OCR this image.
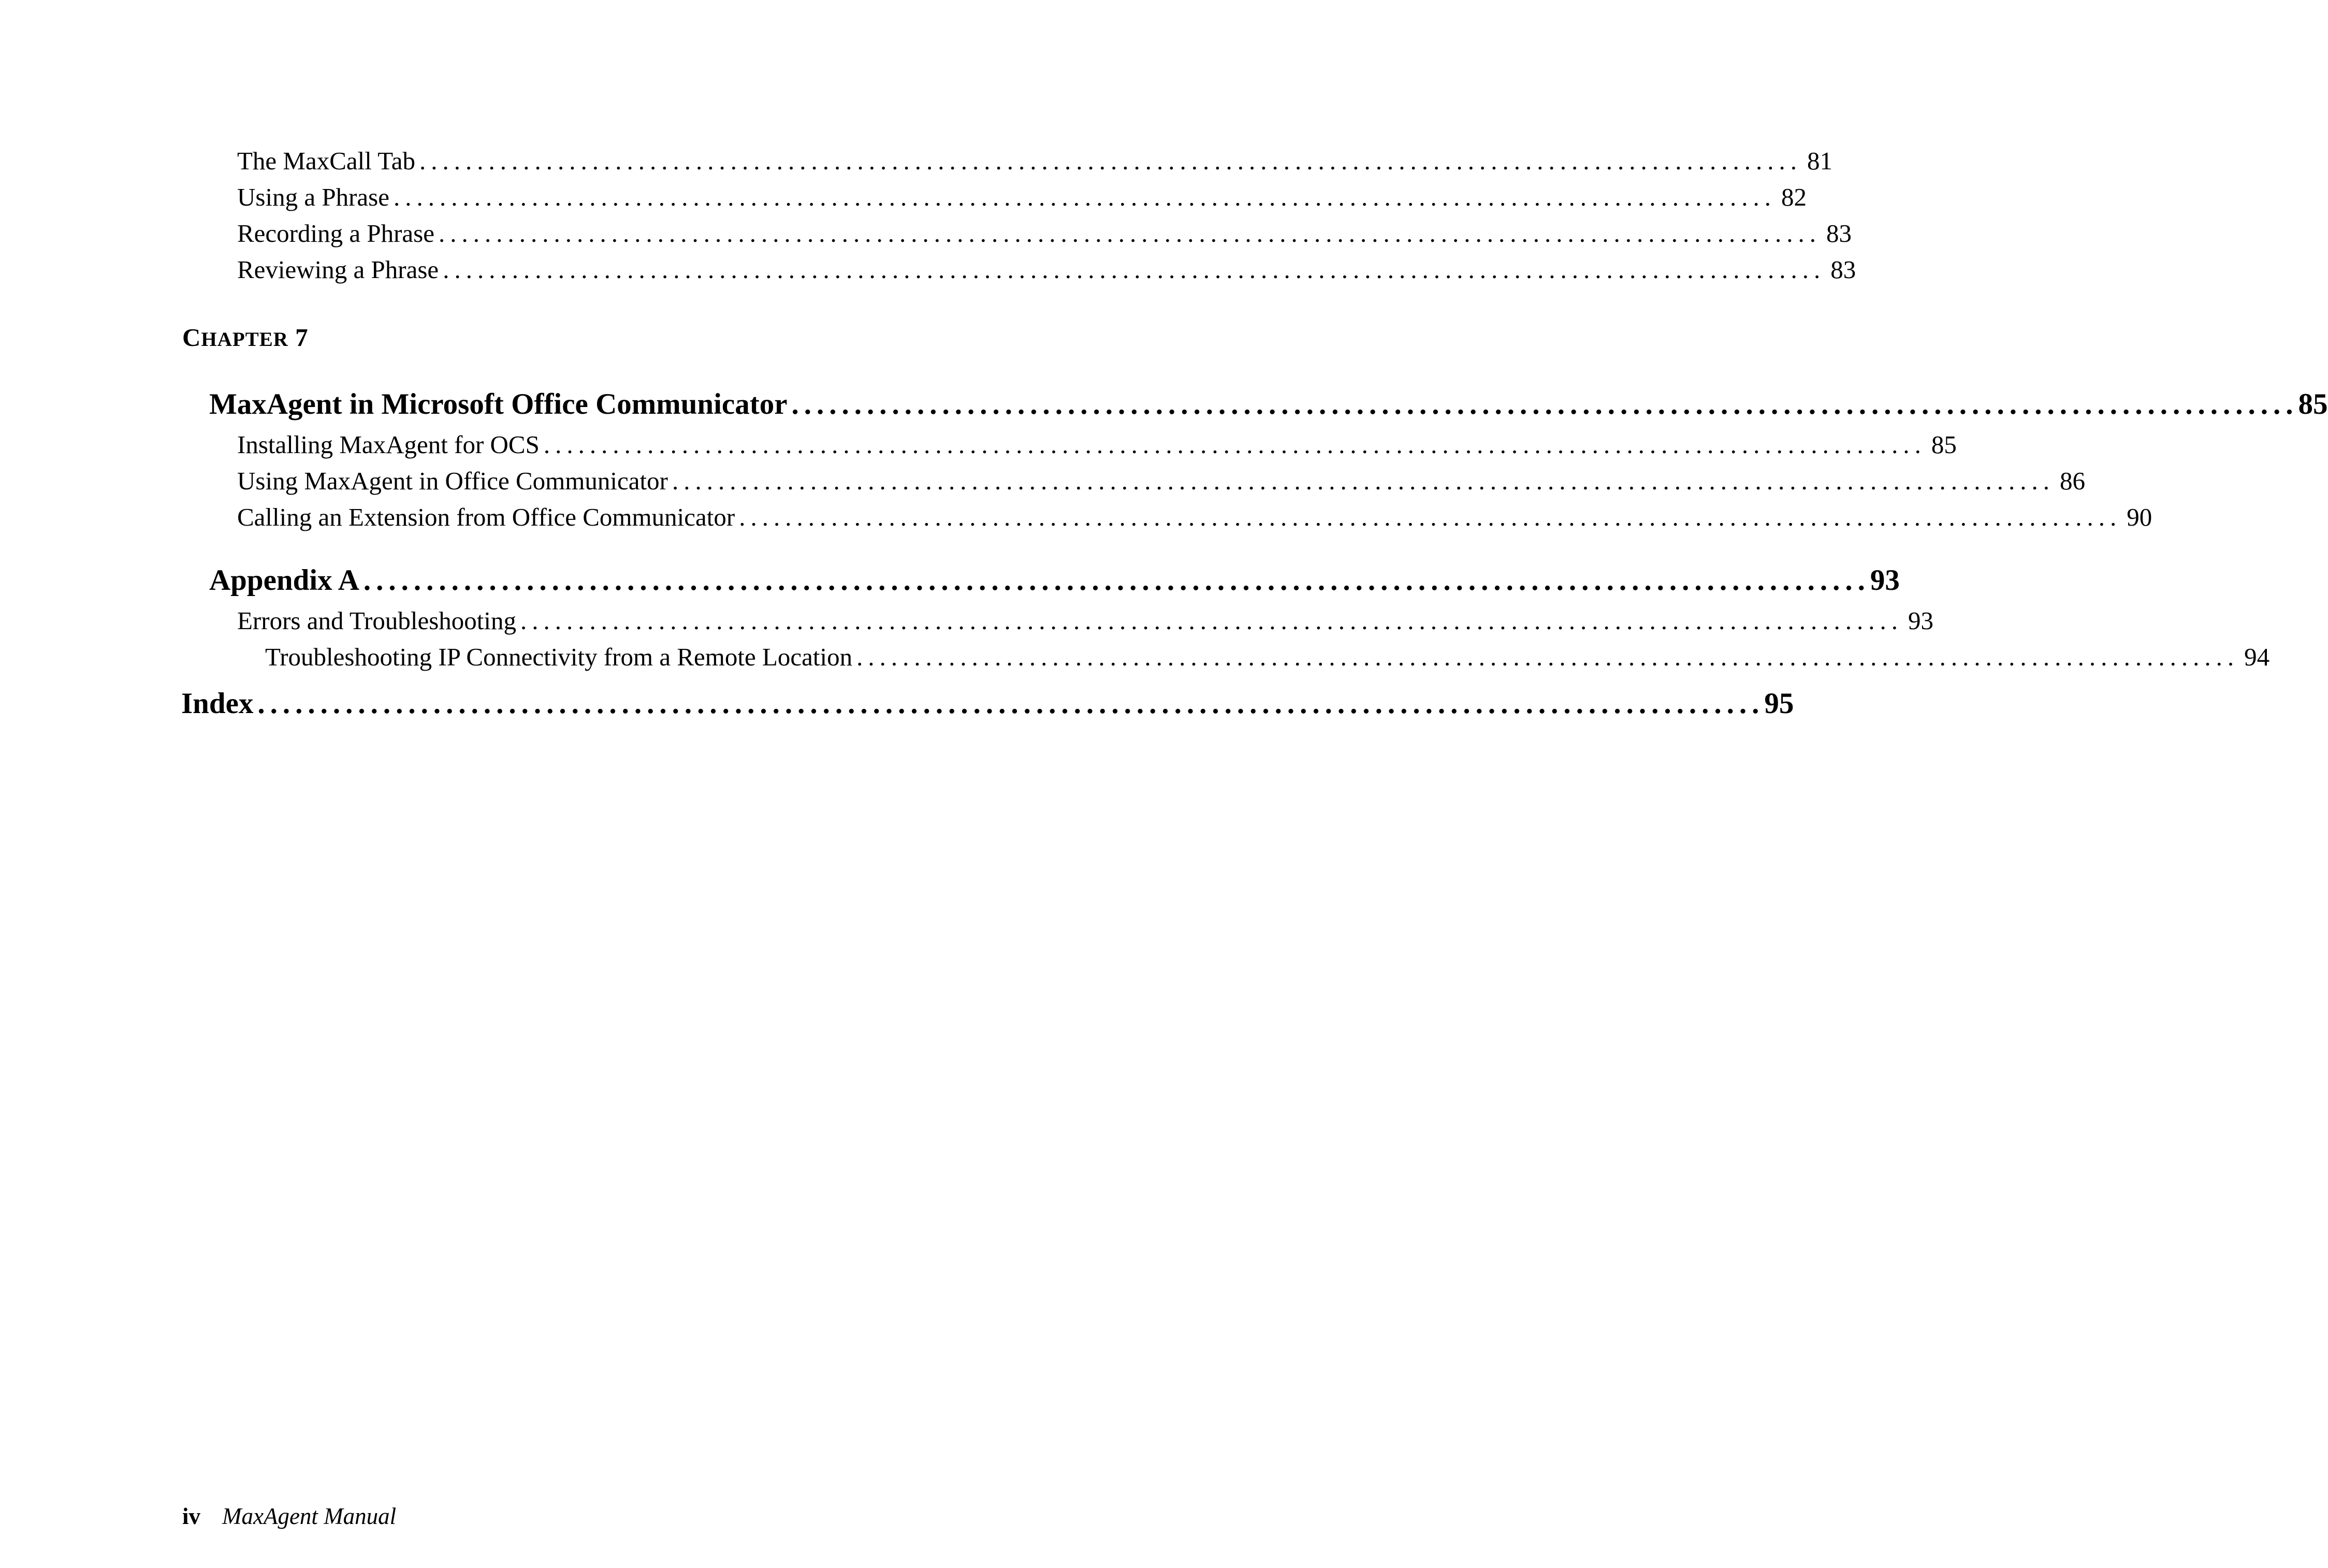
The MaxCall Tab ........................................................................................................................ 81
Using a Phrase ........................................................................................................................ 82
Recording a Phrase ........................................................................................................................ 83
Reviewing a Phrase ........................................................................................................................ 83
CHAPTER 7
MaxAgent in Microsoft Office Communicator ........................................................................................................................ 85
Installing MaxAgent for OCS ........................................................................................................................ 85
Using MaxAgent in Office Communicator ........................................................................................................................ 86
Calling an Extension from Office Communicator ........................................................................................................................ 90
Appendix A ........................................................................................................................ 93
Errors and Troubleshooting ........................................................................................................................ 93
Troubleshooting IP Connectivity from a Remote Location ........................................................................................................................ 94
Index ........................................................................................................................ 95
iv MaxAgent Manual
